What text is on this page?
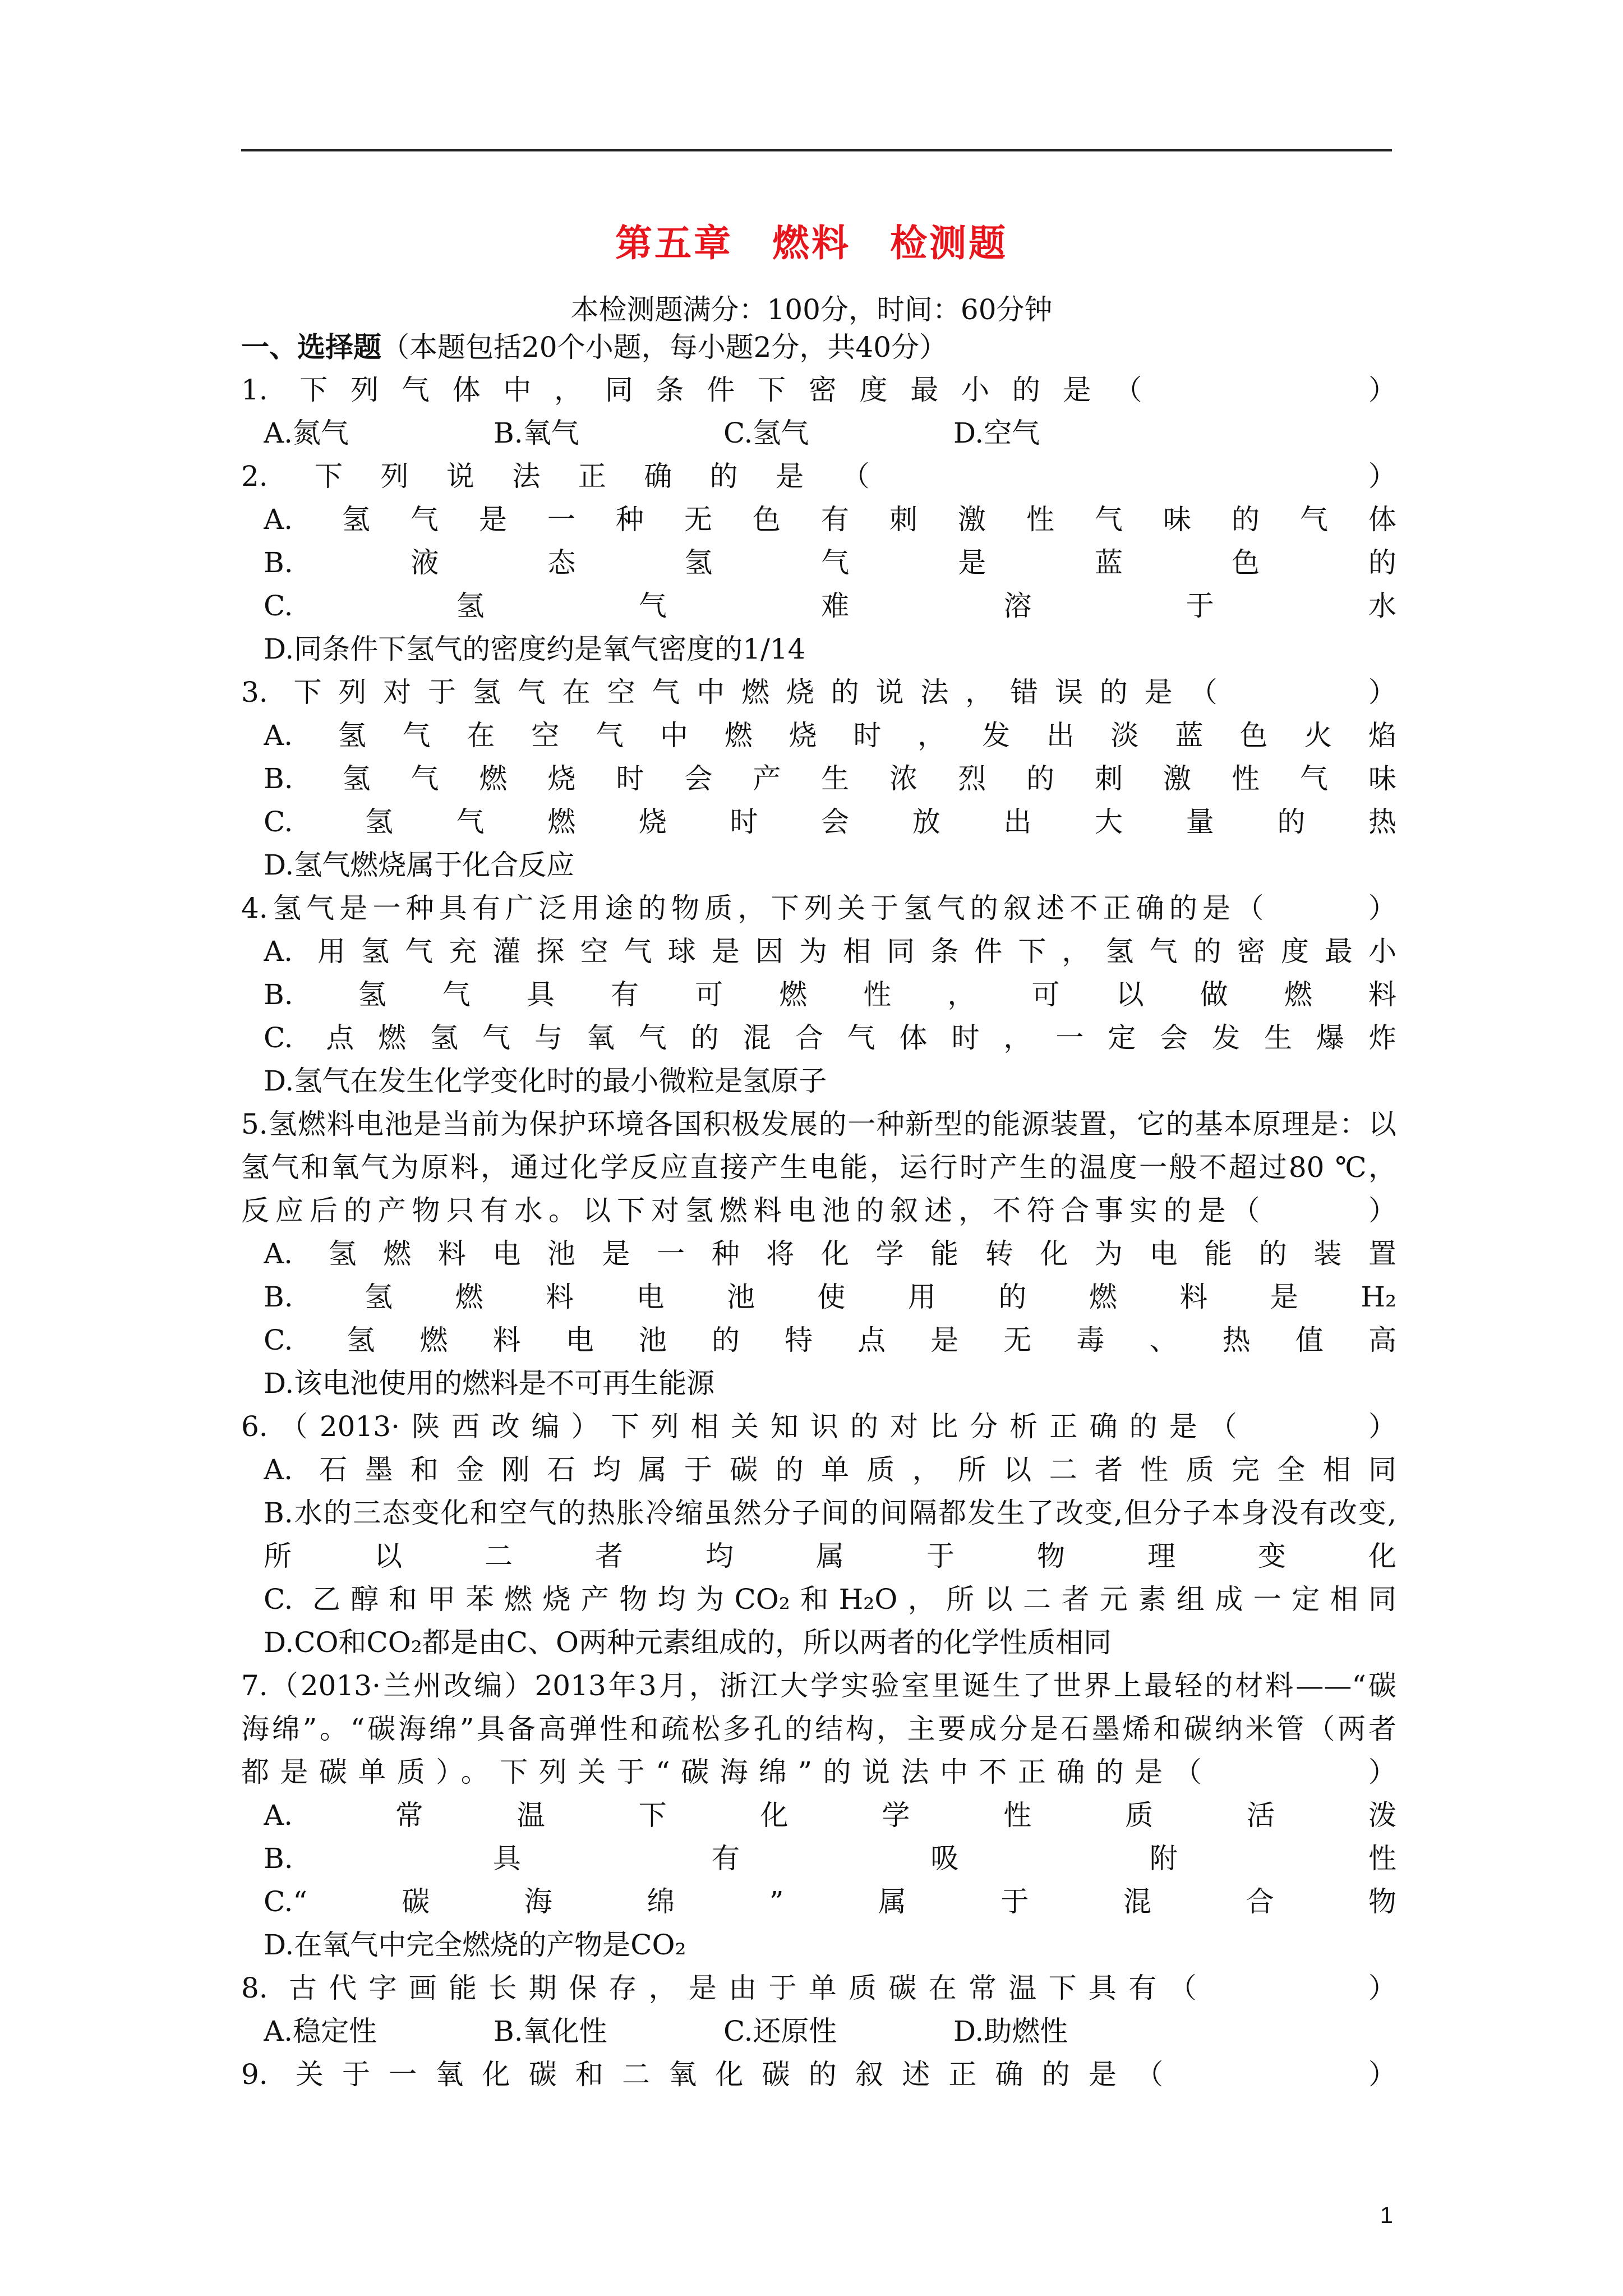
第五章　燃料　检测题
本检测题满分：100分，时间：60分钟
一、选择题（本题包括20个小题，每小题2分，共40分）
1. 下列气体中，同条件下密度最小的是（　　　　）
A.氮气	B.氧气	C.氢气	D.空气
2. 下列说法正确的是（　　　　　　　）
A. 氢气是一种无色有刺激性气味的气体
B. 液态氢气是蓝色的
C. 氢气难溶于水
D.同条件下氢气的密度约是氧气密度的1/14
3. 下列对于氢气在空气中燃烧的说法，错误的是（　　　）
A. 氢气在空气中燃烧时，发出淡蓝色火焰
B. 氢气燃烧时会产生浓烈的刺激性气味
C. 氢气燃烧时会放出大量的热
D.氢气燃烧属于化合反应
4.氢气是一种具有广泛用途的物质，下列关于氢气的叙述不正确的是（　　　）
A. 用氢气充灌探空气球是因为相同条件下，氢气的密度最小
B. 氢气具有可燃性，可以做燃料
C. 点燃氢气与氧气的混合气体时，一定会发生爆炸
D.氢气在发生化学变化时的最小微粒是氢原子
5.氢燃料电池是当前为保护环境各国积极发展的一种新型的能源装置，它的基本原理是：以
氢气和氧气为原料，通过化学反应直接产生电能，运行时产生的温度一般不超过80 ℃，
反应后的产物只有水。以下对氢燃料电池的叙述，不符合事实的是（　　　）
A. 氢燃料电池是一种将化学能转化为电能的装置
B. 氢燃料电池使用的燃料是H₂
C. 氢燃料电池的特点是无毒、热值高
D.该电池使用的燃料是不可再生能源
6.（2013·陕西改编）下列相关知识的对比分析正确的是（　　　）
A. 石墨和金刚石均属于碳的单质，所以二者性质完全相同
B.水的三态变化和空气的热胀冷缩虽然分子间的间隔都发生了改变,但分子本身没有改变,
所以二者均属于物理变化
C. 乙醇和甲苯燃烧产物均为CO₂和H₂O，所以二者元素组成一定相同
D.CO和CO₂都是由C、O两种元素组成的，所以两者的化学性质相同
7.（2013·兰州改编）2013年3月，浙江大学实验室里诞生了世界上最轻的材料——“碳
海绵”。“碳海绵”具备高弹性和疏松多孔的结构，主要成分是石墨烯和碳纳米管（两者
都是碳单质）。下列关于“碳海绵”的说法中不正确的是（　　　　）
A. 常温下化学性质活泼
B. 具有吸附性
C.“碳海绵”属于混合物
D.在氧气中完全燃烧的产物是CO₂
8. 古代字画能长期保存，是由于单质碳在常温下具有（　　　　）
A.稳定性	B.氧化性	C.还原性	D.助燃性
9. 关于一氧化碳和二氧化碳的叙述正确的是（　　　　）
1
